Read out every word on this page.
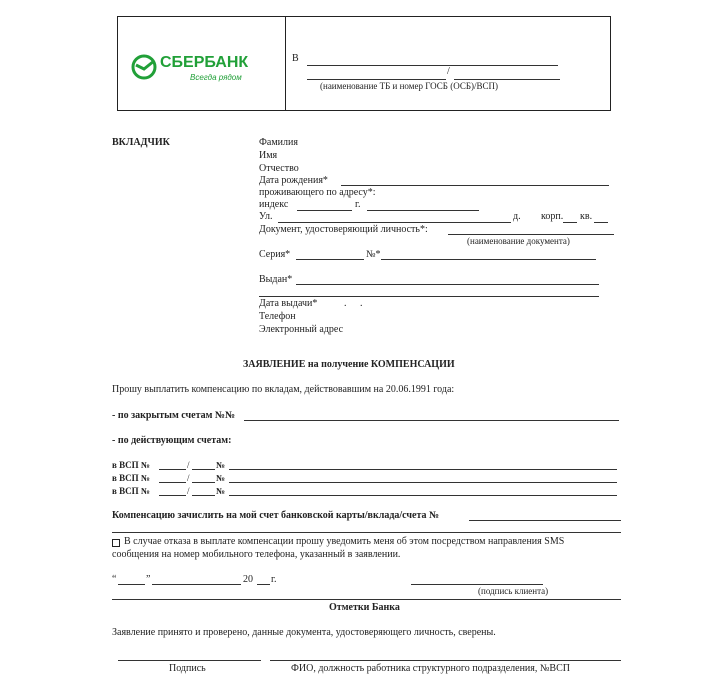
СБЕРБАНК
Всегда рядом
В
/
(наименование ТБ и номер ГОСБ (ОСБ)/ВСП)
ВКЛАДЧИК	Фамилия
Имя
Отчество
Дата рождения*
проживающего по адресу*:
индекс	г.
Ул.	д. корп. кв.
Документ, удостоверяющий личность*:
(наименование документа)
Серия*	№*
Выдан*
Дата выдачи*	. .
Телефон
Электронный адрес
ЗАЯВЛЕНИЕ на получение КОМПЕНСАЦИИ
Прошу выплатить компенсацию по вкладам, действовавшим на 20.06.1991 года:
- по закрытым счетам №№
- по действующим счетам:
в ВСП №	/	№
в ВСП №	/	№
в ВСП №	/	№
Компенсацию зачислить на мой счет банковской карты/вклада/счета №
В случае отказа в выплате компенсации прошу уведомить меня об этом посредством направления SMS
сообщения на номер мобильного телефона, указанный в заявлении.
“	”	20 г.
(подпись клиента)
Отметки Банка
Заявление принято и проверено, данные документа, удостоверяющего личность, сверены.
Подпись	ФИО, должность работника структурного подразделения, №ВСП
